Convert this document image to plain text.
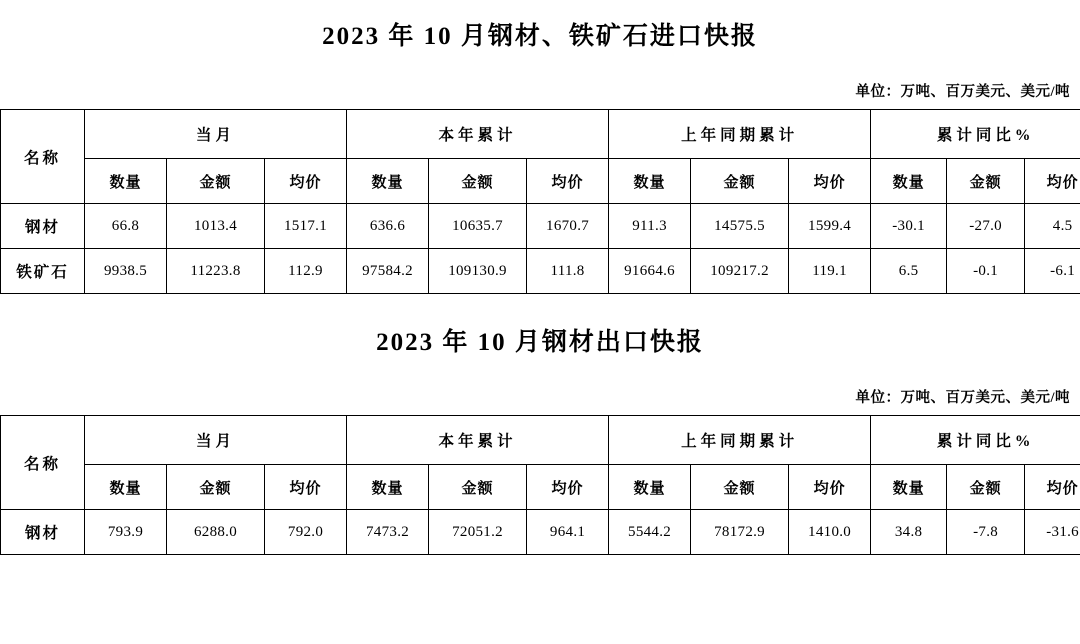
2023 年 10 月钢材、铁矿石进口快报
单位：万吨、百万美元、美元/吨
名称	当月			本年累计			上年同期累计			累计同比%		
	数量	金额	均价	数量	金额	均价	数量	金额	均价	数量	金额	均价
钢材	66.8	1013.4	1517.1	636.6	10635.7	1670.7	911.3	14575.5	1599.4	-30.1	-27.0	4.5
铁矿石	9938.5	11223.8	112.9	97584.2	109130.9	111.8	91664.6	109217.2	119.1	6.5	-0.1	-6.1
2023 年 10 月钢材出口快报
单位：万吨、百万美元、美元/吨
名称	当月			本年累计			上年同期累计			累计同比%		
	数量	金额	均价	数量	金额	均价	数量	金额	均价	数量	金额	均价
钢材	793.9	6288.0	792.0	7473.2	72051.2	964.1	5544.2	78172.9	1410.0	34.8	-7.8	-31.6
